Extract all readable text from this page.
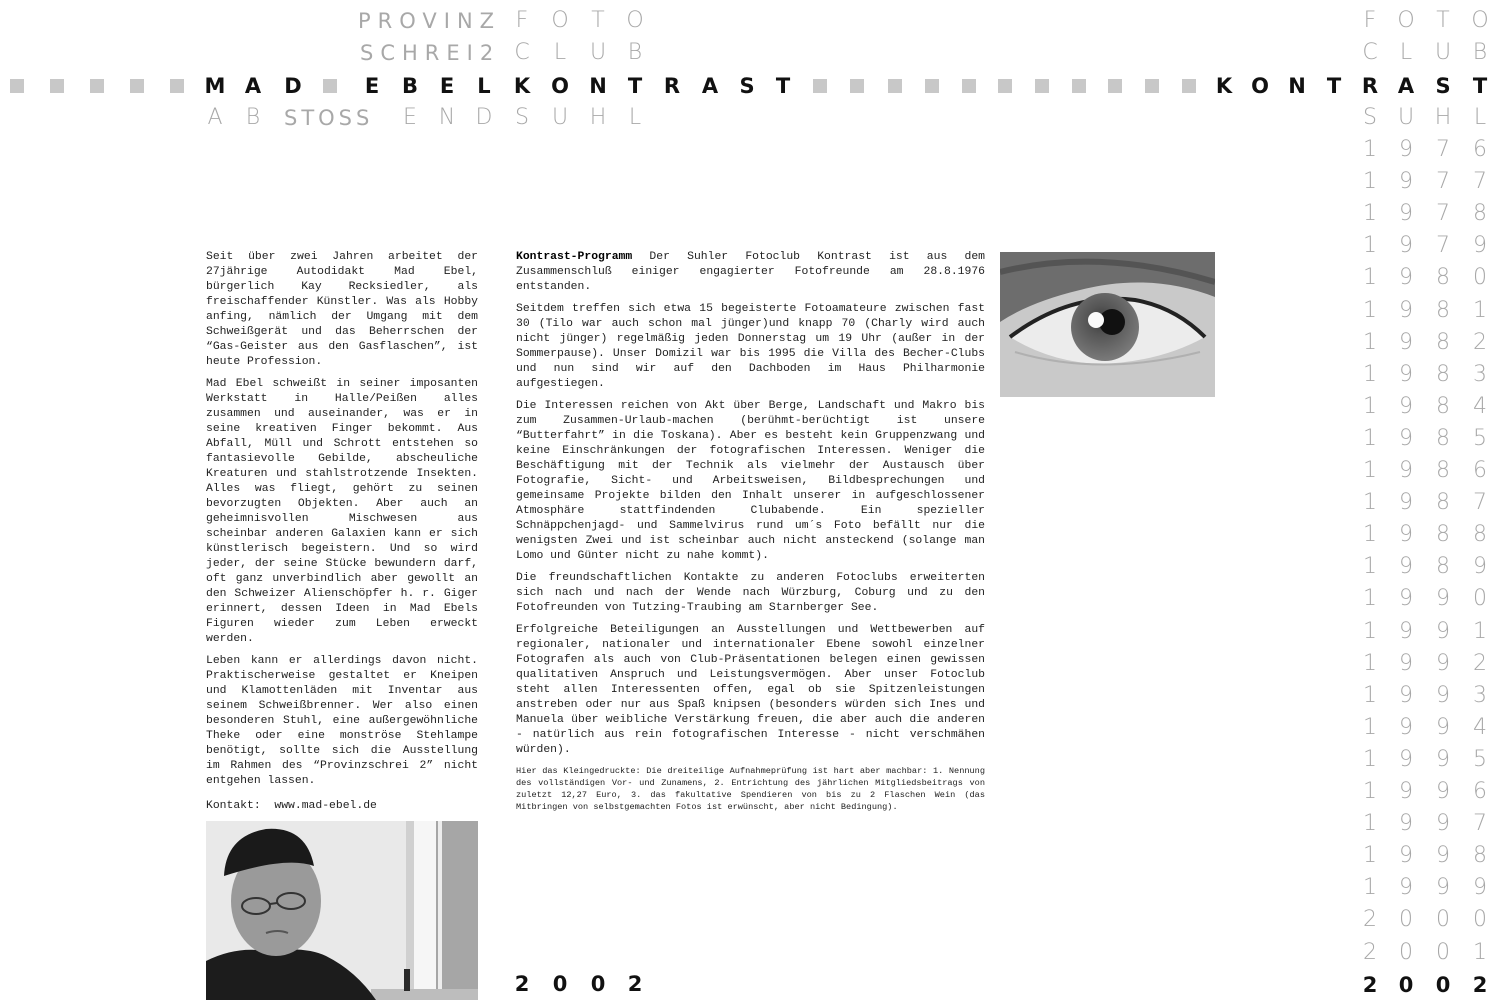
PROVINZ F	O	T O
SCHREI2 C	L	U B
M A	D	E	B	E	L	K O N	T	R	A	S	T
A	B	STOSS	E N D	S	U H	L
F O T O
C	L	U B
K O N	T R A	S	T
S U H	L
1	9	7	6
1	9	7	7
1	9	7	8
1	9	7	9
1	9	8	0
1	9	8	1
1	9	8	2
1	9	8	3
1	9	8	4
1	9	8	5
1	9	8	6
1	9	8	7
1	9	8	8
1	9	8	9
1	9	9	0
1	9	9	1
1	9	9	2
1	9	9	3
1	9	9	4
1	9	9	5
1	9	9	6
1	9	9	7
1	9	9	8
1	9	9	9
2	0	0	0
2	0	0	1
2	0	0	2

Seit über zwei Jahren arbeitet der 27jährige Autodidakt Mad Ebel, bürgerlich Kay Recksiedler, als freischaffender Künstler. Was als Hobby anfing, nämlich der Umgang mit dem Schweißgerät und das Beherrschen der “Gas-Geister aus den Gasflaschen”, ist heute Profession.

Mad Ebel schweißt in seiner imposanten Werkstatt in Halle/Peißen alles zusammen und auseinander, was er in seine kreativen Finger bekommt. Aus Abfall, Müll und Schrott entstehen so fantasievolle Gebilde, abscheuliche Kreaturen und stahlstrotzende Insekten. Alles was fliegt, gehört zu seinen bevorzugten Objekten. Aber auch an geheimnisvollen Mischwesen aus scheinbar anderen Galaxien kann er sich künstlerisch begeistern. Und so wird jeder, der seine Stücke bewundern darf, oft ganz unverbindlich aber gewollt an den Schweizer Alienschöpfer h. r. Giger erinnert, dessen Ideen in Mad Ebels Figuren wieder zum Leben erweckt werden.

Leben kann er allerdings davon nicht. Praktischerweise gestaltet er Kneipen und Klamottenläden mit Inventar aus seinem Schweißbrenner. Wer also einen besonderen Stuhl, eine außergewöhnliche Theke oder eine monströse Stehlampe benötigt, sollte sich die Ausstellung im Rahmen des “Provinzschrei 2” nicht entgehen lassen.

Kontakt: www.mad-ebel.de

Kontrast-Programm Der Suhler Fotoclub Kontrast ist aus dem Zusammenschluß einiger engagierter Fotofreunde am 28.8.1976 entstanden.

Seitdem treffen sich etwa 15 begeisterte Fotoamateure zwischen fast 30 (Tilo war auch schon mal jünger)und knapp 70 (Charly wird auch nicht jünger) regelmäßig jeden Donnerstag um 19 Uhr (außer in der Sommerpause). Unser Domizil war bis 1995 die Villa des Becher-Clubs und nun sind wir auf den Dachboden im Haus Philharmonie aufgestiegen.

Die Interessen reichen von Akt über Berge, Landschaft und Makro bis zum Zusammen-Urlaub-machen (berühmt-berüchtigt ist unsere “Butterfahrt” in die Toskana). Aber es besteht kein Gruppenzwang und keine Einschränkungen der fotografischen Interessen. Weniger die Beschäftigung mit der Technik als vielmehr der Austausch über Fotografie, Sicht- und Arbeitsweisen, Bildbesprechungen und gemeinsame Projekte bilden den Inhalt unserer in aufgeschlossener Atmosphäre stattfindenden Clubabende. Ein spezieller Schnäppchenjagd- und Sammelvirus rund um´s Foto befällt nur die wenigsten Zwei und ist scheinbar auch nicht ansteckend (solange man Lomo und Günter nicht zu nahe kommt).

Die freundschaftlichen Kontakte zu anderen Fotoclubs erweiterten sich nach und nach der Wende nach Würzburg, Coburg und zu den Fotofreunden von Tutzing-Traubing am Starnberger See.

Erfolgreiche Beteiligungen an Ausstellungen und Wettbewerben auf regionaler, nationaler und internationaler Ebene sowohl einzelner Fotografen als auch von Club-Präsentationen belegen einen gewissen qualitativen Anspruch und Leistungsvermögen. Aber unser Fotoclub steht allen Interessenten offen, egal ob sie Spitzenleistungen anstreben oder nur aus Spaß knipsen (besonders würden sich Ines und Manuela über weibliche Verstärkung freuen, die aber auch die anderen - natürlich aus rein fotografischen Interesse - nicht verschmähen würden).

Hier das Kleingedruckte: Die dreiteilige Aufnahmeprüfung ist hart aber machbar: 1. Nennung des vollständigen Vor- und Zunamens, 2. Entrichtung des jährlichen Mitgliedsbeitrags von zuletzt 12,27 Euro, 3. das fakultative Spendieren von bis zu 2 Flaschen Wein (das Mitbringen von selbstgemachten Fotos ist erwünscht, aber nicht Bedingung).

2	0	0	2
